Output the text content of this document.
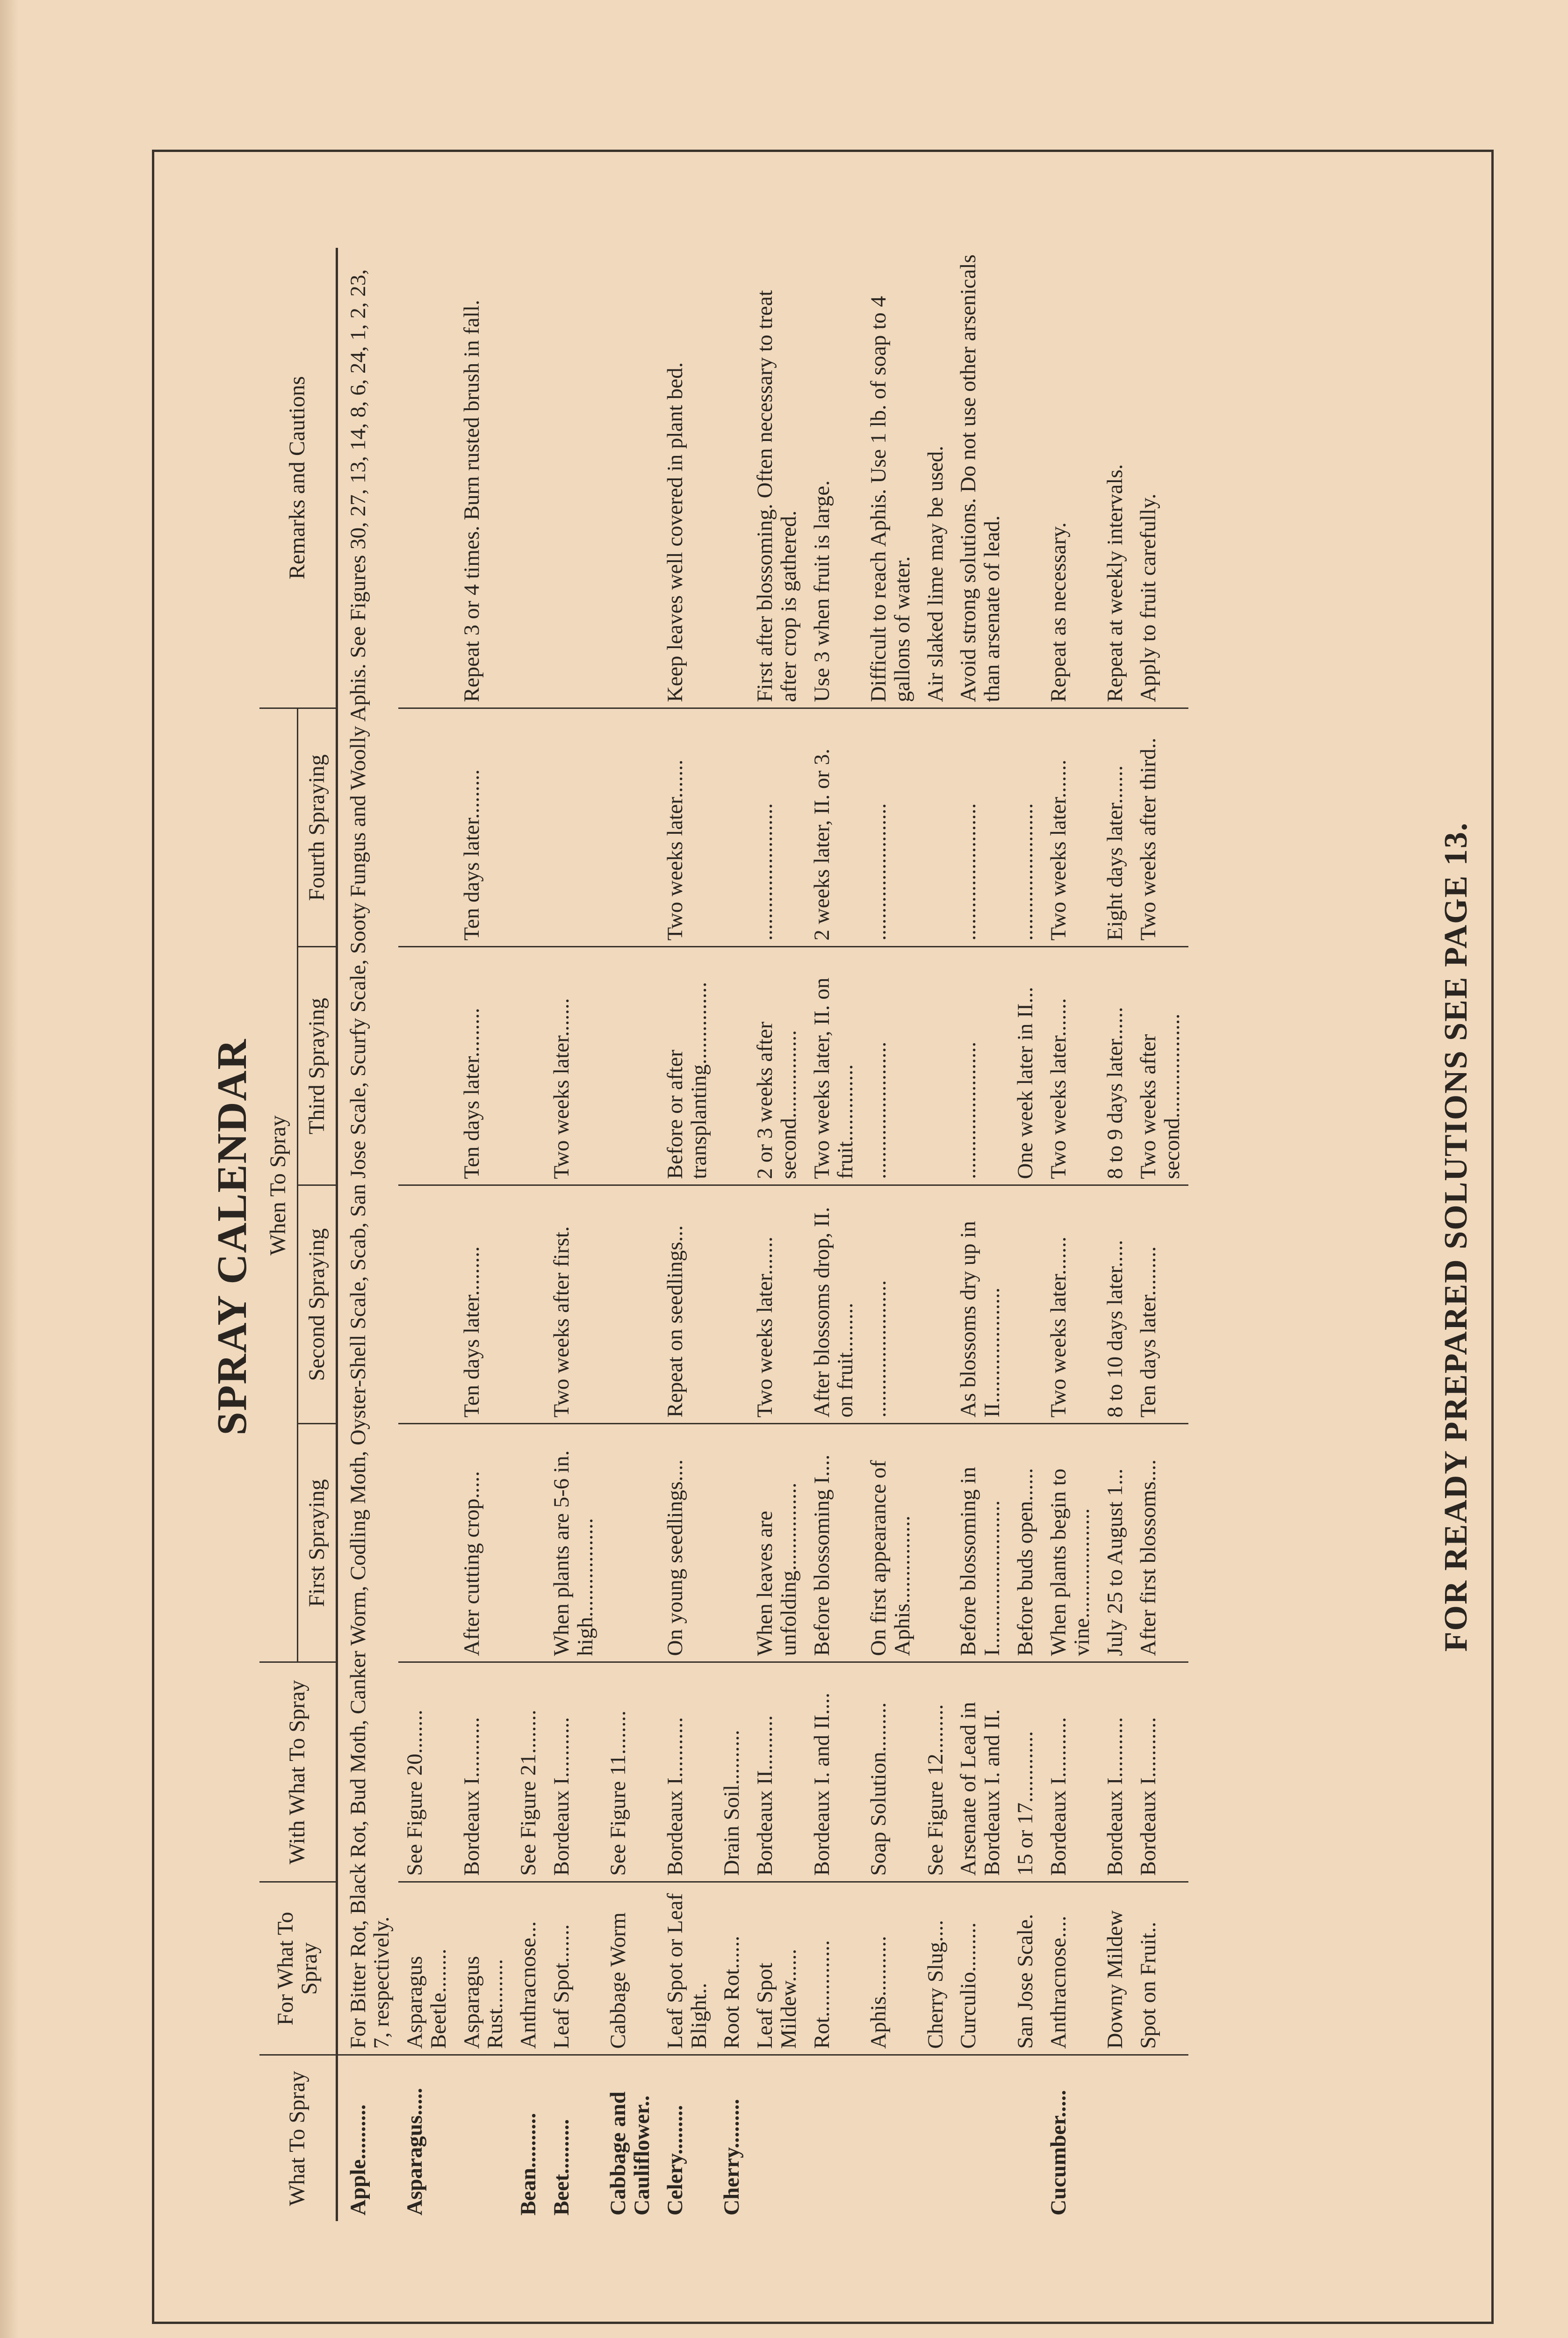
SPRAY CALENDAR
What To Spray	For What To Spray	With What To Spray	When To Spray				Remarks and Cautions
			First Spraying	Second Spraying	Third Spraying	Fourth Spraying	
Apple..........	For Bitter Rot, Black Rot, Bud Moth, Canker Worm, Codling Moth, Oyster-Shell Scale, Scab, San Jose Scale, Scurfy Scale, Sooty Fungus and Woolly Aphis. See Figures 30, 27, 13, 14, 8, 6, 24, 1, 2, 23, 7, respectively.						
Asparagus.....	Asparagus Beetle........	See Figure 20........					
	Asparagus Rust.........	Bordeaux I...........	After cutting crop.....	Ten days later.........	Ten days later.........	Ten days later.........	Repeat 3 or 4 times. Burn rusted brush in fall.
Bean..........	Anthracnose...	See Figure 21........					
Beet..........	Leaf Spot.......	Bordeaux I...........	When plants are 5-6 in. high..................	Two weeks after first.	Two weeks later.......		
Cabbage and Cauliflower..	Cabbage Worm	See Figure 11........					
Celery.........	Leaf Spot or Leaf Blight..	Bordeaux I...........	On young seedlings....	Repeat on seedlings...	Before or after transplanting...............	Two weeks later.......	Keep leaves well covered in plant bed.
Cherry.........	Root Rot......	Drain Soil..........					
	Leaf Spot Mildew......	Bordeaux II..........	When leaves are unfolding................	Two weeks later.......	2 or 3 weeks after second................	.........................	First after blossoming. Often necessary to treat after crop is gathered.
	Rot..............	Bordeaux I. and II....	Before blossoming I....	After blossoms drop, II. on fruit.........	Two weeks later, II. on fruit..............	2 weeks later, II. or 3.	Use 3 when fruit is large.
	Aphis...........	Soap Solution.........	On first appearance of Aphis................	.........................	.........................	.........................	Difficult to reach Aphis. Use 1 lb. of soap to 4 gallons of water.
	Cherry Slug....	See Figure 12.........					Air slaked lime may be used.
	Curculio.........	Arsenate of Lead in Bordeaux I. and II.	Before blossoming in I...........................	As blossoms dry up in II.....................	.........................	.........................	Avoid strong solutions. Do not use other arsenicals than arsenate of lead.
	San Jose Scale.	15 or 17.............	Before buds open......		One week later in II...	.........................	
Cucumber.....	Anthracnose....	Bordeaux I...........	When plants begin to vine....................	Two weeks later.......	Two weeks later.......	Two weeks later.......	Repeat as necessary.
	Downy Mildew	Bordeaux I...........	July 25 to August 1...	8 to 10 days later.....	8 to 9 days later......	Eight days later.......	Repeat at weekly intervals.
	Spot on Fruit..	Bordeaux I...........	After first blossoms....	Ten days later.........	Two weeks after second...................	Two weeks after third..	Apply to fruit carefully.
FOR READY PREPARED SOLUTIONS SEE PAGE 13.
